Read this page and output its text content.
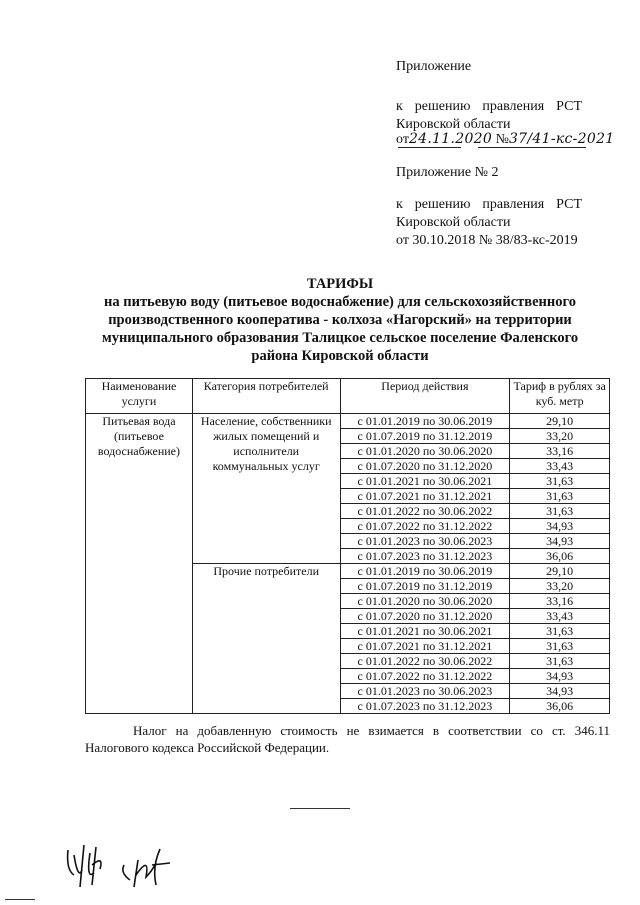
Приложение
к решению правления РСТ
Кировской области
от24.11.2020 №37/41-кс-2021
Приложение № 2
к решению правления РСТ
Кировской области
от 30.10.2018 № 38/83-кс-2019
ТАРИФЫ
на питьевую воду (питьевое водоснабжение) для сельскохозяйственного
производственного кооператива - колхоза «Нагорский» на территории
муниципального образования Талицкое сельское поселение Фаленского
района Кировской области
Наименование услуги	Категория потребителей	Период действия	Тариф в рублях за куб. метр
Питьевая вода (питьевое водоснабжение)	Население, собственники жилых помещений и исполнители коммунальных услуг	с 01.01.2019 по 30.06.2019	29,10
		с 01.07.2019 по 31.12.2019	33,20
		с 01.01.2020 по 30.06.2020	33,16
		с 01.07.2020 по 31.12.2020	33,43
		с 01.01.2021 по 30.06.2021	31,63
		с 01.07.2021 по 31.12.2021	31,63
		с 01.01.2022 по 30.06.2022	31,63
		с 01.07.2022 по 31.12.2022	34,93
		с 01.01.2023 по 30.06.2023	34,93
		с 01.07.2023 по 31.12.2023	36,06
	Прочие потребители	с 01.01.2019 по 30.06.2019	29,10
		с 01.07.2019 по 31.12.2019	33,20
		с 01.01.2020 по 30.06.2020	33,16
		с 01.07.2020 по 31.12.2020	33,43
		с 01.01.2021 по 30.06.2021	31,63
		с 01.07.2021 по 31.12.2021	31,63
		с 01.01.2022 по 30.06.2022	31,63
		с 01.07.2022 по 31.12.2022	34,93
		с 01.01.2023 по 30.06.2023	34,93
		с 01.07.2023 по 31.12.2023	36,06
Налог на добавленную стоимость не взимается в соответствии со ст. 346.11
Налогового кодекса Российской Федерации.
